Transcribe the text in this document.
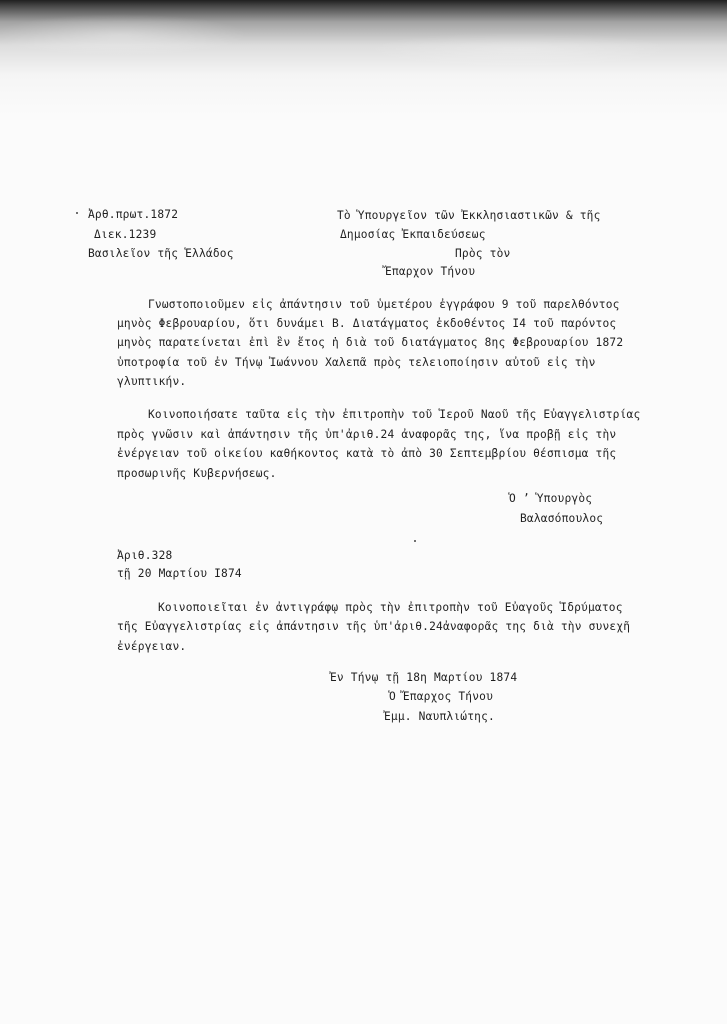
Ἀρθ.πρωτ.1872
Διεκ.1239
Βασιλεῖον τῆς Ἑλλάδος
Τὸ Ὑπουργεῖον τῶν Ἐκκλησιαστικῶν & τῆς
Δημοσίας Ἐκπαιδεύσεως
Πρὸς τὸν
Ἔπαρχον Τήνου
Γνωστοποιοῦμεν εἰς ἀπάντησιν τοῦ ὑμετέρου ἐγγράφου 9 τοῦ παρελθόντος
μηνὸς Φεβρουαρίου, ὅτι δυνάμει Β. Διατάγματος ἐκδοθέντος Ι4 τοῦ παρόντος
μηνὸς παρατείνεται ἐπὶ ἓν ἔτος ἡ διὰ τοῦ διατάγματος 8ης Φεβρουαρίου 1872
ὑποτροφία τοῦ ἐν Τήνῳ Ἰωάννου Χαλεπᾶ πρὸς τελειοποίησιν αὐτοῦ εἰς τὴν
γλυπτικήν.
Κοινοποιήσατε ταῦτα εἰς τὴν ἐπιτροπὴν τοῦ Ἱεροῦ Ναοῦ τῆς Εὐαγγελιστρίας
πρὸς γνῶσιν καὶ ἀπάντησιν τῆς ὑπ'ἀριθ.24 ἀναφορᾶς της, ἵνα προβῇ εἰς τὴν
ἐνέργειαν τοῦ οἰκείου καθήκοντος κατὰ τὸ ἀπὸ 30 Σεπτεμβρίου θέσπισμα τῆς
προσωρινῆς Κυβερνήσεως.
Ὁ ʼ Ὑπουργὸς
Βαλασόπουλος
Ἀριθ.328
τῇ 20 Μαρτίου Ι874
Κοινοποιεῖται ἐν ἀντιγράφῳ πρὸς τὴν ἐπιτροπὴν τοῦ Εὐαγοῦς Ἱδρύματος
τῆς Εὐαγγελιστρίας εἰς ἀπάντησιν τῆς ὑπ'ἀριθ.24ἀναφορᾶς της διὰ τὴν συνεχῆ
ἐνέργειαν.
Ἐν Τήνῳ τῇ 18η Μαρτίου 1874
Ὁ Ἔπαρχος Τήνου
Ἐμμ. Ναυπλιώτης.
